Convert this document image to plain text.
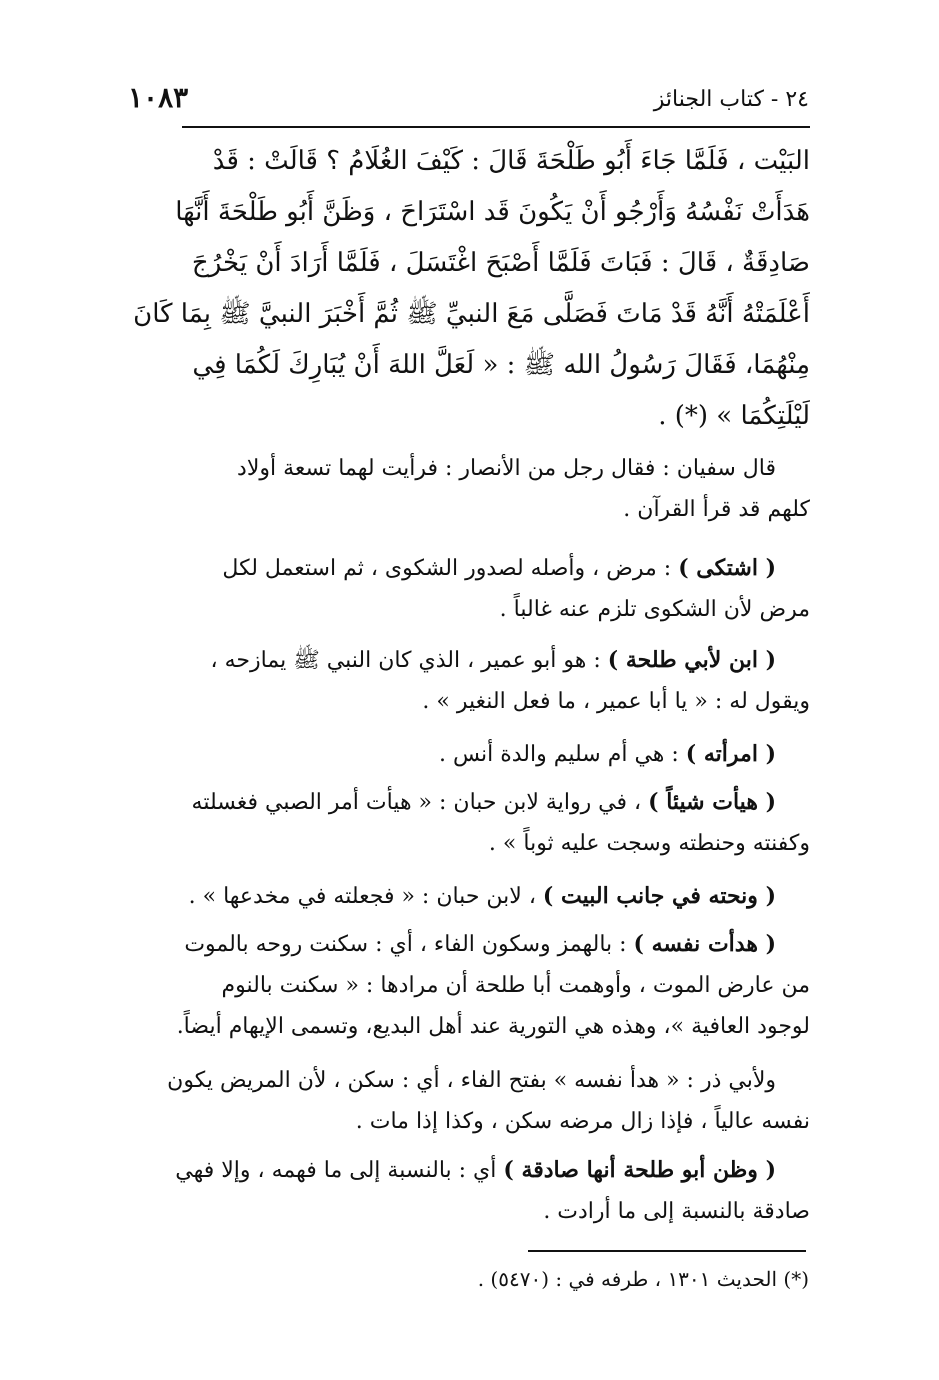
١٠٨٣	٢٤ - كتاب الجنائز
البَيْت ، فَلَمَّا جَاءَ أَبُو طَلْحَةَ قَالَ : كَيْفَ الغُلَامُ ؟ قَالَتْ : قَدْ
هَدَأَتْ نَفْسُهُ وَأَرْجُو أَنْ يَكُونَ قَد اسْتَرَاحَ ، وَظَنَّ أَبُو طَلْحَةَ أَنَّهَا
صَادِقَةٌ ، قَالَ : فَبَاتَ فَلَمَّا أَصْبَحَ اغْتَسَلَ ، فَلَمَّا أَرَادَ أَنْ يَخْرُجَ
أَعْلَمَتْهُ أَنَّهُ قَدْ مَاتَ فَصَلَّى مَعَ النبيِّ ﷺ ثُمَّ أَخْبَرَ النبيَّ ﷺ بِمَا كَانَ
مِنْهُمَا، فَقَالَ رَسُولُ الله ﷺ : « لَعَلَّ اللهَ أَنْ يُبَارِكَ لَكُمَا فِي
لَيْلَتِكُمَا » (*) .
قال سفيان : فقال رجل من الأنصار : فرأيت لهما تسعة أولاد
كلهم قد قرأ القرآن .
( اشتكى ) : مرض ، وأصله لصدور الشكوى ، ثم استعمل لكل
مرض لأن الشكوى تلزم عنه غالباً .
( ابن لأبي طلحة ) : هو أبو عمير ، الذي كان النبي ﷺ يمازحه ،
ويقول له : « يا أبا عمير ، ما فعل النغير » .
( امرأته ) : هي أم سليم والدة أنس .
( هيأت شيئاً ) ، في رواية لابن حبان : « هيأت أمر الصبي فغسلته
وكفنته وحنطته وسجت عليه ثوباً » .
( ونحته في جانب البيت ) ، لابن حبان : « فجعلته في مخدعها » .
( هدأت نفسه ) : بالهمز وسكون الفاء ، أي : سكنت روحه بالموت
من عارض الموت ، وأوهمت أبا طلحة أن مرادها : « سكنت بالنوم
لوجود العافية »، وهذه هي التورية عند أهل البديع، وتسمى الإيهام أيضاً.
ولأبي ذر : « هدأ نفسه » بفتح الفاء ، أي : سكن ، لأن المريض يكون
نفسه عالياً ، فإذا زال مرضه سكن ، وكذا إذا مات .
( وظن أبو طلحة أنها صادقة ) أي : بالنسبة إلى ما فهمه ، وإلا فهي
صادقة بالنسبة إلى ما أرادت .
(*) الحديث ١٣٠١ ، طرفه في : (٥٤٧٠) .
